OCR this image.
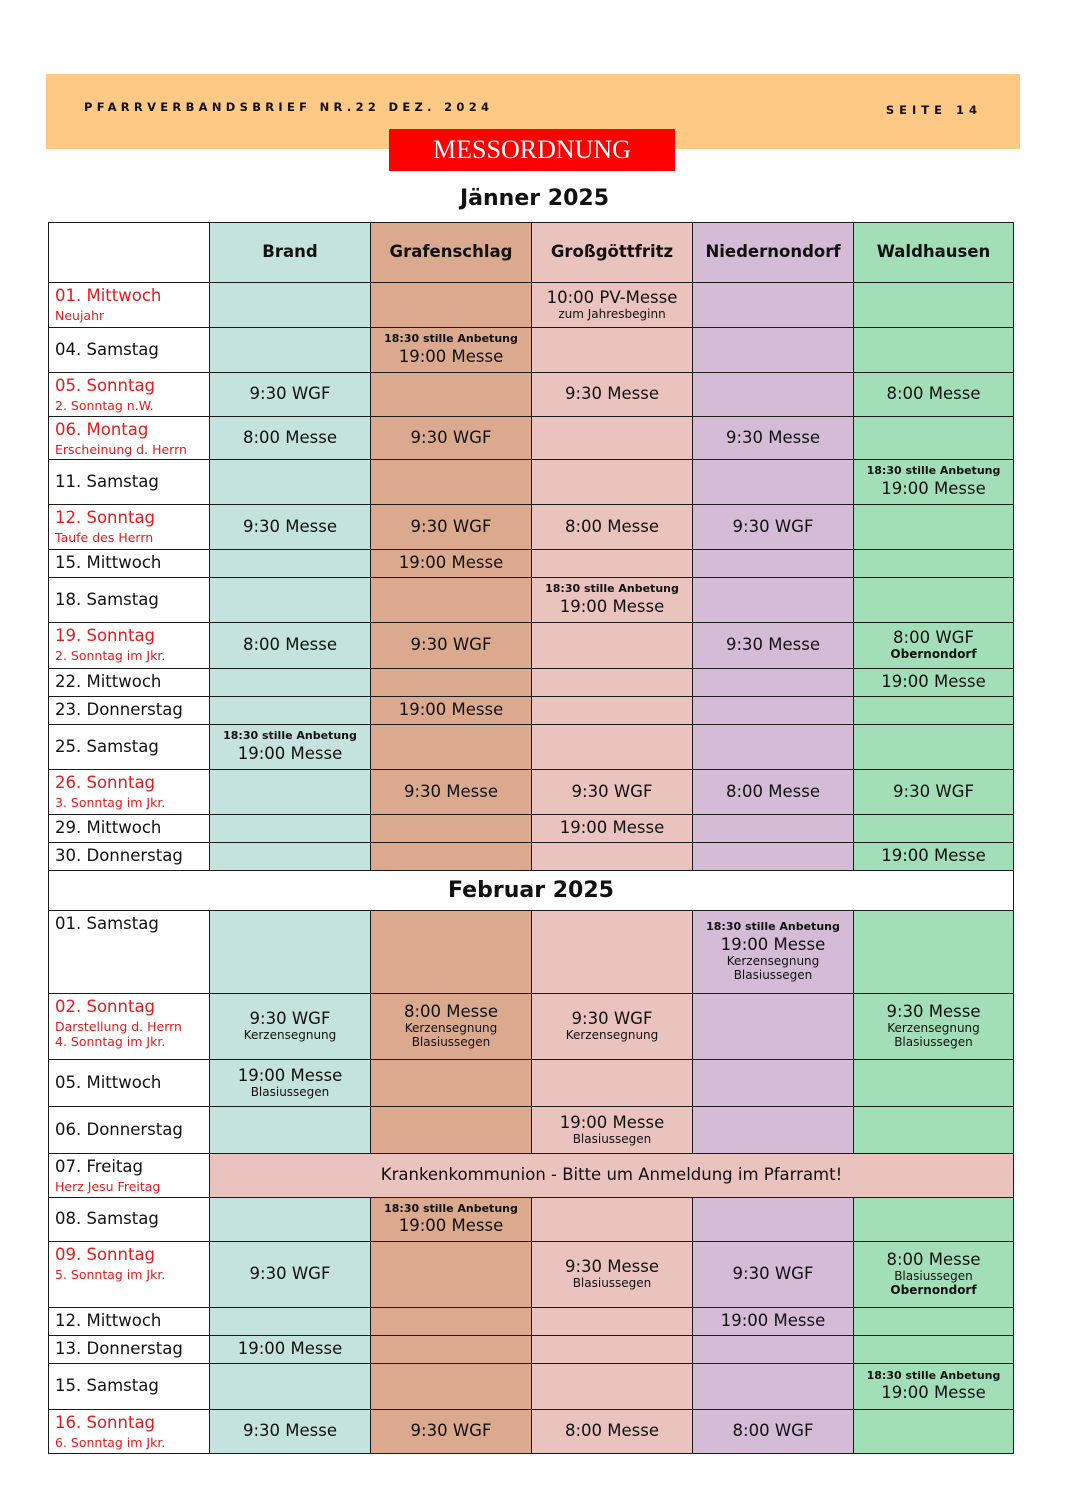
PFARRVERBANDSBRIEF NR.22 DEZ. 2024	SEITE 14
MESSORDNUNG
Jänner 2025
	Brand	Grafenschlag	Großgöttfritz	Niedernondorf	Waldhausen
01. Mittwoch
Neujahr			10:00 PV-Messe
zum Jahresbeginn		

04. Samstag		18:30 stille Anbetung
19:00 Messe			

05. Sonntag
2. Sonntag n.W.	9:30 WGF		9:30 Messe		8:00 Messe

06. Montag
Erscheinung d. Herrn	8:00 Messe	9:30 WGF		9:30 Messe	

11. Samstag					18:30 stille Anbetung
19:00 Messe

12. Sonntag
Taufe des Herrn	9:30 Messe	9:30 WGF	8:00 Messe	9:30 WGF	

15. Mittwoch		19:00 Messe			

18. Samstag			18:30 stille Anbetung
19:00 Messe		

19. Sonntag
2. Sonntag im Jkr.	8:00 Messe	9:30 WGF		9:30 Messe	8:00 WGF
Obernondorf

22. Mittwoch					19:00 Messe

23. Donnerstag		19:00 Messe			

25. Samstag	18:30 stille Anbetung
19:00 Messe				

26. Sonntag
3. Sonntag im Jkr.		9:30 Messe	9:30 WGF	8:00 Messe	9:30 WGF

29. Mittwoch			19:00 Messe		

30. Donnerstag					19:00 Messe

Februar 2025					
01. Samstag				18:30 stille Anbetung
19:00 Messe
Kerzensegnung
Blasiussegen	

02. Sonntag
Darstellung d. Herrn
4. Sonntag im Jkr.	9:30 WGF
Kerzensegnung	8:00 Messe
Kerzensegnung
Blasiussegen	9:30 WGF
Kerzensegnung		9:30 Messe
Kerzensegnung
Blasiussegen

05. Mittwoch	19:00 Messe
Blasiussegen				

06. Donnerstag			19:00 Messe
Blasiussegen		

07. Freitag
Herz Jesu Freitag	Krankenkommunion - Bitte um Anmeldung im Pfarramt!				
08. Samstag		18:30 stille Anbetung
19:00 Messe			

09. Sonntag
5. Sonntag im Jkr.	9:30 WGF		9:30 Messe
Blasiussegen	9:30 WGF	8:00 Messe
Blasiussegen
Obernondorf

12. Mittwoch				19:00 Messe	

13. Donnerstag	19:00 Messe				

15. Samstag					18:30 stille Anbetung
19:00 Messe

16. Sonntag
6. Sonntag im Jkr.	9:30 Messe	9:30 WGF	8:00 Messe	8:00 WGF	
